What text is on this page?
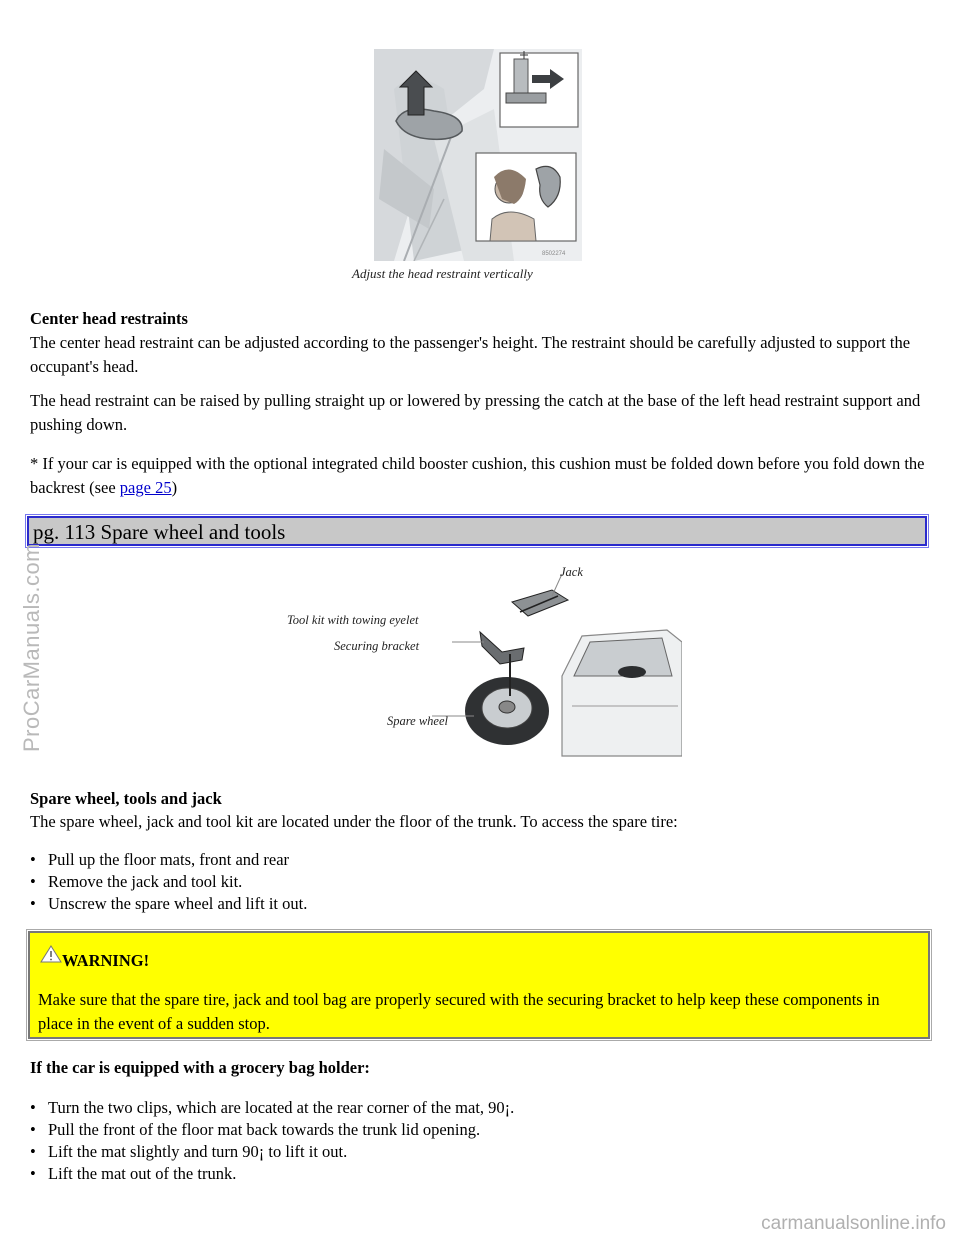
8502274
Adjust the head restraint vertically

Center head restraints

The center head restraint can be adjusted according to the passenger's height. The restraint should be carefully adjusted to support the occupant's head.

The head restraint can be raised by pulling straight up or lowered by pressing the catch at the base of the left head restraint support and pushing down.

* If your car is equipped with the optional integrated child booster cushion, this cushion must be folded down before you fold down the backrest (see page 25)

pg. 113 Spare wheel and tools
Jack
Tool kit with towing eyelet
Securing bracket
Spare wheel

Spare wheel, tools and jack

The spare wheel, jack and tool kit are located under the floor of the trunk. To access the spare tire:

• Pull up the floor mats, front and rear
• Remove the jack and tool kit.
• Unscrew the spare wheel and lift it out.
WARNING!
Make sure that the spare tire, jack and tool bag are properly secured with the securing bracket to help keep these components in place in the event of a sudden stop.

If the car is equipped with a grocery bag holder:

• Turn the two clips, which are located at the rear corner of the mat, 90¡.
• Pull the front of the floor mat back towards the trunk lid opening.
• Lift the mat slightly and turn 90¡ to lift it out.
• Lift the mat out of the trunk.
ProCarManuals.com
carmanualsonline.info
